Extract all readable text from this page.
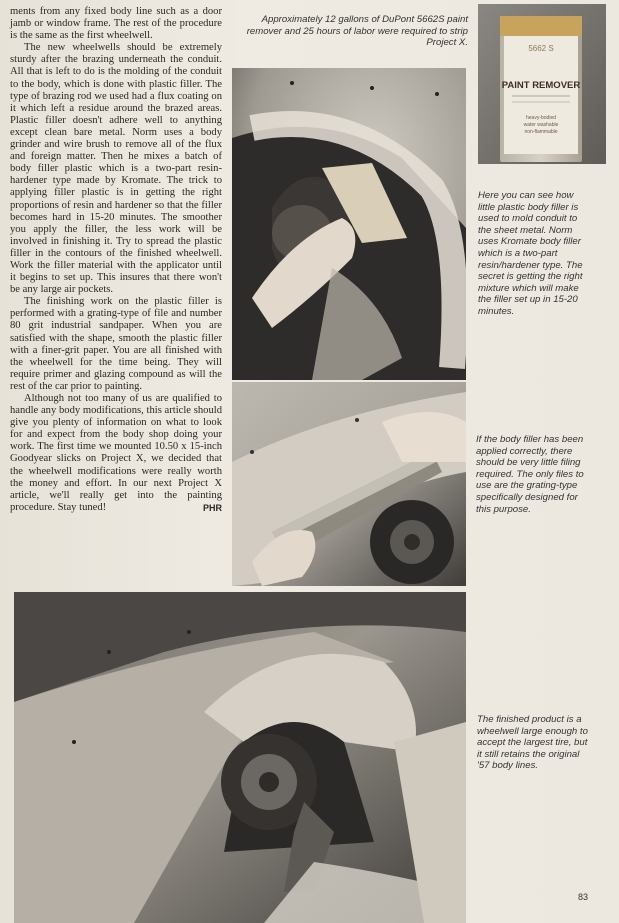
ments from any fixed body line such as a door jamb or window frame. The rest of the procedure is the same as the first wheelwell.

The new wheelwells should be extremely sturdy after the brazing underneath the conduit. All that is left to do is the molding of the conduit to the body, which is done with plastic filler. The type of brazing rod we used had a flux coating on it which left a residue around the brazed areas. Plastic filler doesn't adhere well to anything except clean bare metal. Norm uses a body grinder and wire brush to remove all of the flux and foreign matter. Then he mixes a batch of body filler plastic which is a two-part resin-hardener type made by Kromate. The trick to applying filler plastic is in getting the right proportions of resin and hardener so that the filler becomes hard in 15-20 minutes. The smoother you apply the filler, the less work will be involved in finishing it. Try to spread the plastic filler in the contours of the finished wheelwell. Work the filler material with the applicator until it begins to set up. This insures that there won't be any large air pockets.

The finishing work on the plastic filler is performed with a grating-type of file and number 80 grit industrial sandpaper. When you are satisfied with the shape, smooth the plastic filler with a finer-grit paper. You are all finished with the wheelwell for the time being. They will require primer and glazing compound as will the rest of the car prior to painting.

Although not too many of us are qualified to handle any body modifications, this article should give you plenty of information on what to look for and expect from the body shop doing your work. The first time we mounted 10.50 x 15-inch Goodyear slicks on Project X, we decided that the wheelwell modifications were really worth the money and effort. In our next Project X article, we'll really get into the painting procedure. Stay tuned!	PHR

Approximately 12 gallons of DuPont 5662S paint remover and 25 hours of labor were required to strip Project X.
5662 S
PAINT REMOVER
heavy-bodied
water washable
non-flammable
Here you can see how little plastic body filler is used to mold conduit to the sheet metal. Norm uses Kromate body filler which is a two-part resin/hardener type. The secret is getting the right mixture which will make the filler set up in 15-20 minutes.
If the body filler has been applied correctly, there should be very little filing required. The only files to use are the grating-type specifically designed for this purpose.
The finished product is a wheelwell large enough to accept the largest tire, but it still retains the original '57 body lines.
83
